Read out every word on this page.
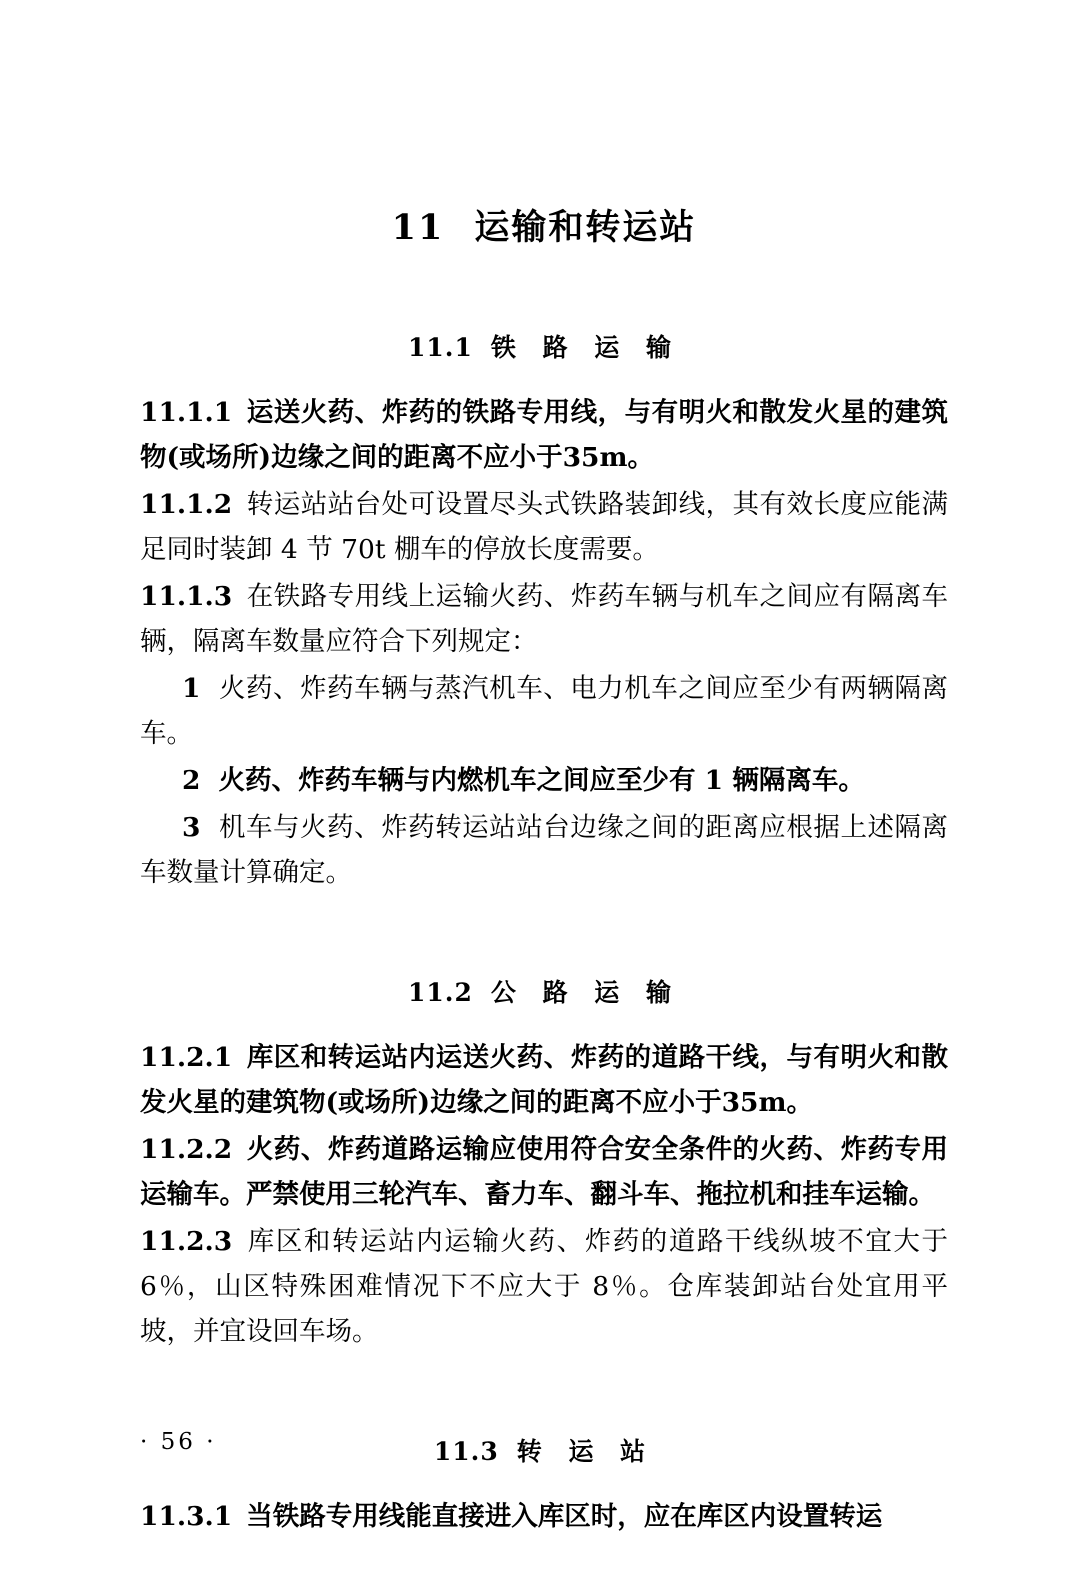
11 运输和转运站
11.1 铁 路 运 输

11.1.1 运送火药、炸药的铁路专用线，与有明火和散发火星的建筑物(或场所)边缘之间的距离不应小于35m。

11.1.2 转运站站台处可设置尽头式铁路装卸线，其有效长度应能满足同时装卸 4 节 70t 棚车的停放长度需要。

11.1.3 在铁路专用线上运输火药、炸药车辆与机车之间应有隔离车辆，隔离车数量应符合下列规定：

1 火药、炸药车辆与蒸汽机车、电力机车之间应至少有两辆隔离车。

2 火药、炸药车辆与内燃机车之间应至少有 1 辆隔离车。

3 机车与火药、炸药转运站站台边缘之间的距离应根据上述隔离车数量计算确定。

11.2 公 路 运 输

11.2.1 库区和转运站内运送火药、炸药的道路干线，与有明火和散发火星的建筑物(或场所)边缘之间的距离不应小于35m。

11.2.2 火药、炸药道路运输应使用符合安全条件的火药、炸药专用运输车。严禁使用三轮汽车、畜力车、翻斗车、拖拉机和挂车运输。

11.2.3 库区和转运站内运输火药、炸药的道路干线纵坡不宜大于 6％，山区特殊困难情况下不应大于 8％。仓库装卸站台处宜用平坡，并宜设回车场。

11.3 转 运 站

11.3.1 当铁路专用线能直接进入库区时，应在库区内设置转运

· 56 ·
